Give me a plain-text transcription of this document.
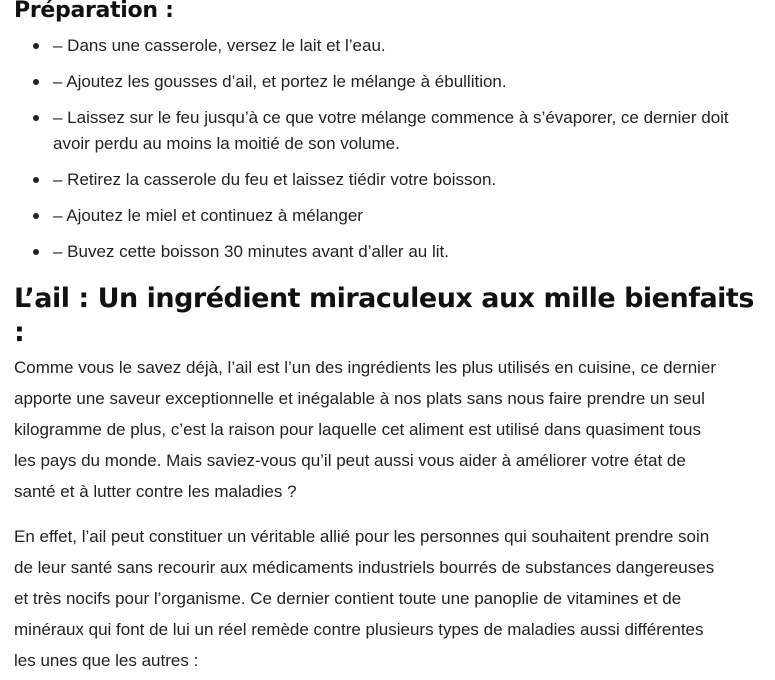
Préparation :
– Dans une casserole, versez le lait et l’eau.
– Ajoutez les gousses d’ail, et portez le mélange à ébullition.
– Laissez sur le feu jusqu’à ce que votre mélange commence à s’évaporer, ce dernier doit
avoir perdu au moins la moitié de son volume.
– Retirez la casserole du feu et laissez tiédir votre boisson.
– Ajoutez le miel et continuez à mélanger
– Buvez cette boisson 30 minutes avant d’aller au lit.
L’ail : Un ingrédient miraculeux aux mille bienfaits :

Comme vous le savez déjà, l’ail est l’un des ingrédients les plus utilisés en cuisine, ce dernier
apporte une saveur exceptionnelle et inégalable à nos plats sans nous faire prendre un seul
kilogramme de plus, c’est la raison pour laquelle cet aliment est utilisé dans quasiment tous
les pays du monde. Mais saviez-vous qu’il peut aussi vous aider à améliorer votre état de
santé et à lutter contre les maladies ?

En effet, l’ail peut constituer un véritable allié pour les personnes qui souhaitent prendre soin
de leur santé sans recourir aux médicaments industriels bourrés de substances dangereuses
et très nocifs pour l’organisme. Ce dernier contient toute une panoplie de vitamines et de
minéraux qui font de lui un réel remède contre plusieurs types de maladies aussi différentes
les unes que les autres :
